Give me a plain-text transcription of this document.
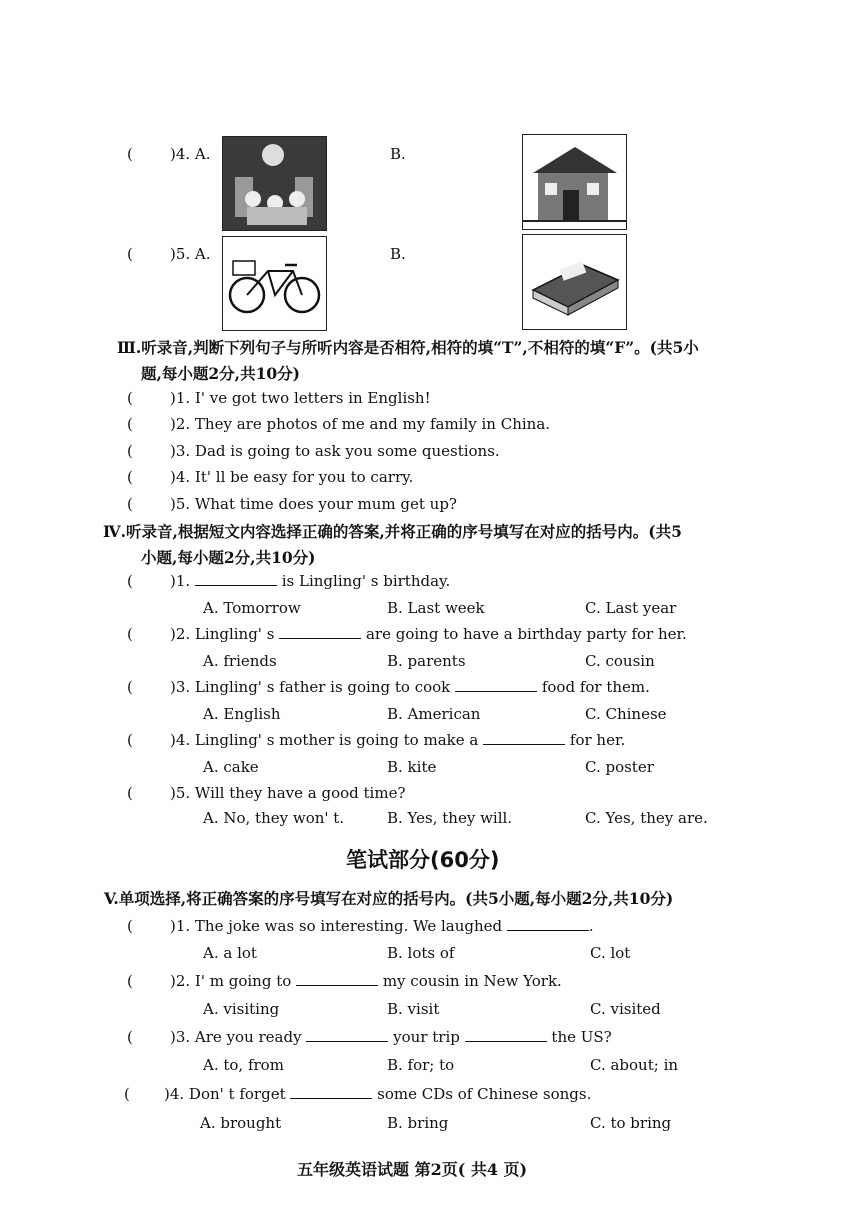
( )4. A.	B.
( )5. A.	B.
Ⅲ.听录音,判断下列句子与所听内容是否相符,相符的填“T”,不相符的填“F”。(共5小
题,每小题2分,共10分)
( )1. I' ve got two letters in English!
( )2. They are photos of me and my family in China.
( )3. Dad is going to ask you some questions.
( )4. It' ll be easy for you to carry.
( )5. What time does your mum get up?
Ⅳ.听录音,根据短文内容选择正确的答案,并将正确的序号填写在对应的括号内。(共5
小题,每小题2分,共10分)
( )1.	is Lingling' s birthday.
A. Tomorrow	B. Last week	C. Last year
( )2. Lingling' s	are going to have a birthday party for her.
A. friends	B. parents	C. cousin
( )3. Lingling' s father is going to cook	food for them.
A. English	B. American	C. Chinese
( )4. Lingling' s mother is going to make a	for her.
A. cake	B. kite	C. poster
( )5. Will they have a good time?
A. No, they won' t.	B. Yes, they will.	C. Yes, they are.
笔试部分(60分)
V.单项选择,将正确答案的序号填写在对应的括号内。(共5小题,每小题2分,共10分)
( )1. The joke was so interesting. We laughed	.
A. a lot	B. lots of	C. lot
( )2. I' m going to	my cousin in New York.
A. visiting	B. visit	C. visited
( )3. Are you ready	your trip	the US?
A. to, from	B. for; to	C. about; in
( )4. Don' t forget	some CDs of Chinese songs.
A. brought	B. bring	C. to bring
五年级英语试题 第2页( 共4 页)
